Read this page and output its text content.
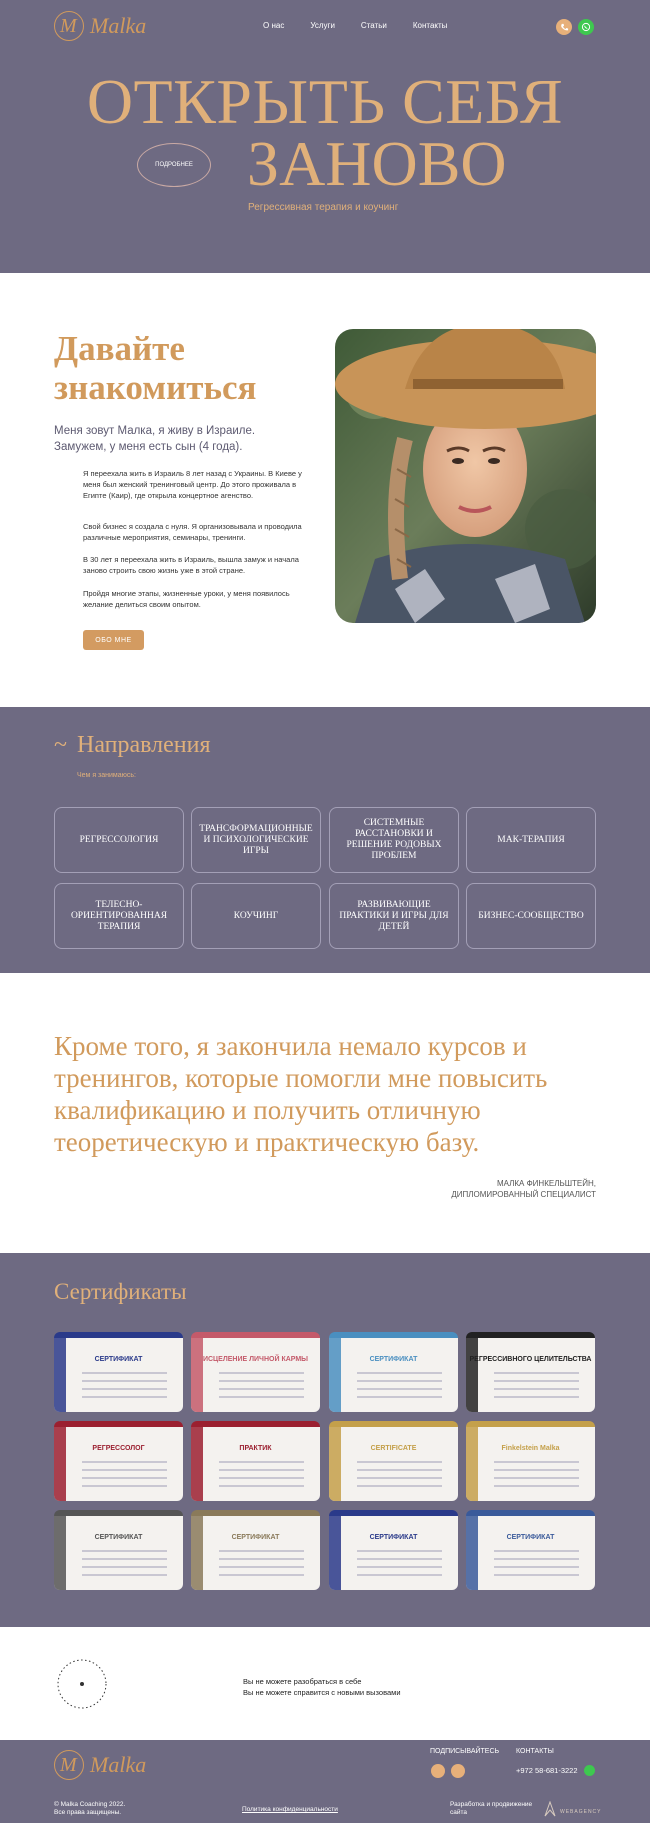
M
Malka	О нас	Услуги	Статьи	Контакты
ОТКРЫТЬ СЕБЯ
ПОДРОБНЕЕ ЗАНОВО
Регрессивная терапия и коучинг
Давайте
знакомиться

Меня зовут Малка, я живу в Израиле. Замужем, у меня есть сын (4 года).

Я переехала жить в Израиль 8 лет назад с Украины. В Киеве у меня был женский тренинговый центр. До этого проживала в Египте (Каир), где открыла концертное агенство.

Свой бизнес я создала с нуля. Я организовывала и проводила различные мероприятия, семинары, тренинги.

В 30 лет я переехала жить в Израиль, вышла замуж и начала заново строить свою жизнь уже в этой стране.

Пройдя многие этапы, жизненные уроки, у меня появилось желание делиться своим опытом.

ОБО МНЕ
~ Направления
Чем я занимаюсь:
РЕГРЕССОЛОГИЯ
ТРАНСФОРМАЦИОННЫЕ И ПСИХОЛОГИЧЕСКИЕ ИГРЫ
СИСТЕМНЫЕ РАССТАНОВКИ И РЕШЕНИЕ РОДОВЫХ ПРОБЛЕМ
МАК-ТЕРАПИЯ
ТЕЛЕСНО-ОРИЕНТИРОВАННАЯ ТЕРАПИЯ
КОУЧИНГ
РАЗВИВАЮЩИЕ ПРАКТИКИ И ИГРЫ ДЛЯ ДЕТЕЙ
БИЗНЕС-СООБЩЕСТВО

Кроме того, я закончила немало курсов и тренингов, которые помогли мне повысить квалификацию и получить отличную теоретическую и практическую базу.

МАЛКА ФИНКЕЛЬШТЕЙН,
ДИПЛОМИРОВАННЫЙ СПЕЦИАЛИСТ
Сертификаты
СЕРТИФИКАТ	ИСЦЕЛЕНИЕ ЛИЧНОЙ КАРМЫ	СЕРТИФИКАТ	РЕГРЕССИВНОГО ЦЕЛИТЕЛЬСТВА
РЕГРЕССОЛОГ	ПРАКТИК	CERTIFICATE	Finkelstein Malka
СЕРТИФИКАТ	СЕРТИФИКАТ	СЕРТИФИКАТ	СЕРТИФИКАТ
Вы не можете разобраться в себе
Вы не можете справится с новыми вызовами
M
Malka
ПОДПИСЫВАЙТЕСЬ КОНТАКТЫ
+972 58-681-3222
© Malka Coaching 2022.
Все права защищены.	Политика конфиденциальности
Разработка и продвижение
сайта	WEBAGENCY
